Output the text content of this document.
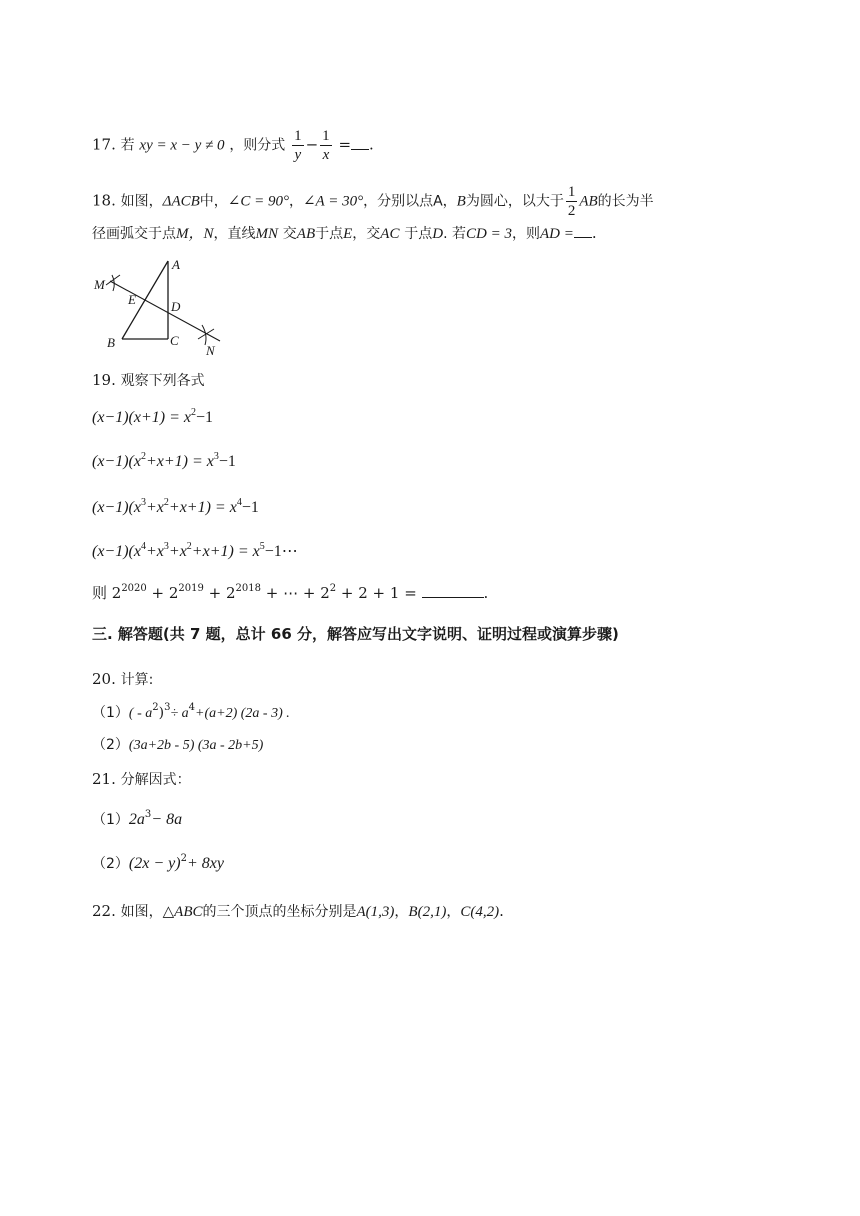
17. 若 xy = x − y ≠ 0 ，则分式 $\frac{1}{y} - \frac{1}{x}$ = .
18. 如图，ΔACB中，∠C = 90°，∠A = 30°，分别以点A，B为圆心，以大于 $\frac{1}{2}$ AB的长为半
径画弧交于点M，N，直线MN 交AB于点E，交AC 于点D. 若CD = 3，则AD = .
A
B	C
D
E
M
N
19. 观察下列各式
$(x-1)(x+1) = x^2-1$
$(x-1)(x^2+x+1) = x^3-1$
$(x-1)(x^3+x^2+x+1) = x^4-1$
$(x-1)(x^4+x^3+x^2+x+1)$ = $x^5-1\cdots$
则 $2^{2020} + 2^{2019} + 2^{2018}$ + ⋯ + $2^2 + 2 + 1$ =	.
三. 解答题(共 7 题，总计 66 分，解答应写出文字说明、证明过程或演算步骤)
20. 计算:
$(1)( - a^2)^3\div a^4+(a+2)$ (2a - 3) .
（2）(3a+2b - 5) (3a - 2b+5)
21. 分解因式：
$(1)2a^3- 8a$
$(2)(2x - y)^2+ 8xy$
22. 如图，△ABC的三个顶点的坐标分别是A(1,3)，B(2,1)，C(4,2).
